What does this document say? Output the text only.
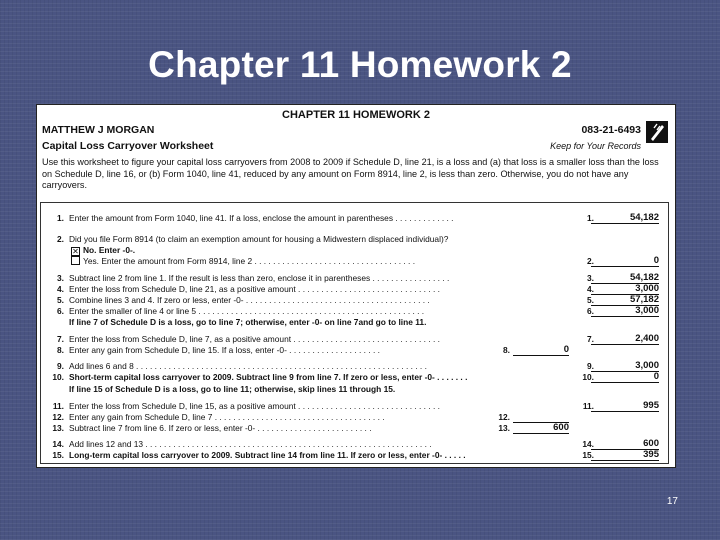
Chapter 11 Homework 2
CHAPTER 11 HOMEWORK 2
MATTHEW J MORGAN	083-21-6493
Capital Loss Carryover Worksheet	Keep for Your Records
Use this worksheet to figure your capital loss carryovers from 2008 to 2009 if Schedule D, line 21, is a loss and (a) that loss is a smaller loss than the loss on Schedule D, line 16, or (b) Form 1040, line 41, reduced by any amount on Form 8914, line 2, is less than zero. Otherwise, you do not have any carryovers.
1. Enter the amount from Form 1040, line 41. If a loss, enclose the amount in parentheses . . . . . . . . . . . . .	1.	54,182
2. Did you file Form 8914 (to claim an exemption amount for housing a Midwestern displaced individual)?
✕ No. Enter -0-.
Yes. Enter the amount from Form 8914, line 2 . . . . . . . . . . . . . . . . . . . . . . . . . . . . . . . . . . .	2.	0
3. Subtract line 2 from line 1. If the result is less than zero, enclose it in parentheses . . . . . . . . . . . . . . . . .	3.	54,182
4. Enter the loss from Schedule D, line 21, as a positive amount . . . . . . . . . . . . . . . . . . . . . . . . . . . . . . .	4.	3,000
5. Combine lines 3 and 4. If zero or less, enter -0- . . . . . . . . . . . . . . . . . . . . . . . . . . . . . . . . . . . . . . . .	5.	57,182
6. Enter the smaller of line 4 or line 5 . . . . . . . . . . . . . . . . . . . . . . . . . . . . . . . . . . . . . . . . . . . . . . . . .	6.	3,000
If line 7 of Schedule D is a loss, go to line 7; otherwise, enter -0- on line 7and go to line 11.
7. Enter the loss from Schedule D, line 7, as a positive amount . . . . . . . . . . . . . . . . . . . . . . . . . . . . . . . .	7.	2,400
8. Enter any gain from Schedule D, line 15. If a loss, enter -0- . . . . . . . . . . . . . . . . . . . .	8.	0
9. Add lines 6 and 8 . . . . . . . . . . . . . . . . . . . . . . . . . . . . . . . . . . . . . . . . . . . . . . . . . . . . . . . . . . . . . . .	9.	3,000
10. Short-term capital loss carryover to 2009. Subtract line 9 from line 7. If zero or less, enter -0- . . . . . . .	10.	0
If line 15 of Schedule D is a loss, go to line 11; otherwise, skip lines 11 through 15.
11. Enter the loss from Schedule D, line 15, as a positive amount . . . . . . . . . . . . . . . . . . . . . . . . . . . . . . .	11.	995
12. Enter any gain from Schedule D, line 7 . . . . . . . . . . . . . . . . . . . . . . . . . . . . . . . . . . . . .	12.
13. Subtract line 7 from line 6. If zero or less, enter -0- . . . . . . . . . . . . . . . . . . . . . . . . .	13.	600
14. Add lines 12 and 13 . . . . . . . . . . . . . . . . . . . . . . . . . . . . . . . . . . . . . . . . . . . . . . . . . . . . . . . . . . . . . .	14.	600
15. Long-term capital loss carryover to 2009. Subtract line 14 from line 11. If zero or less, enter -0- . . . . .	15.	395
17
